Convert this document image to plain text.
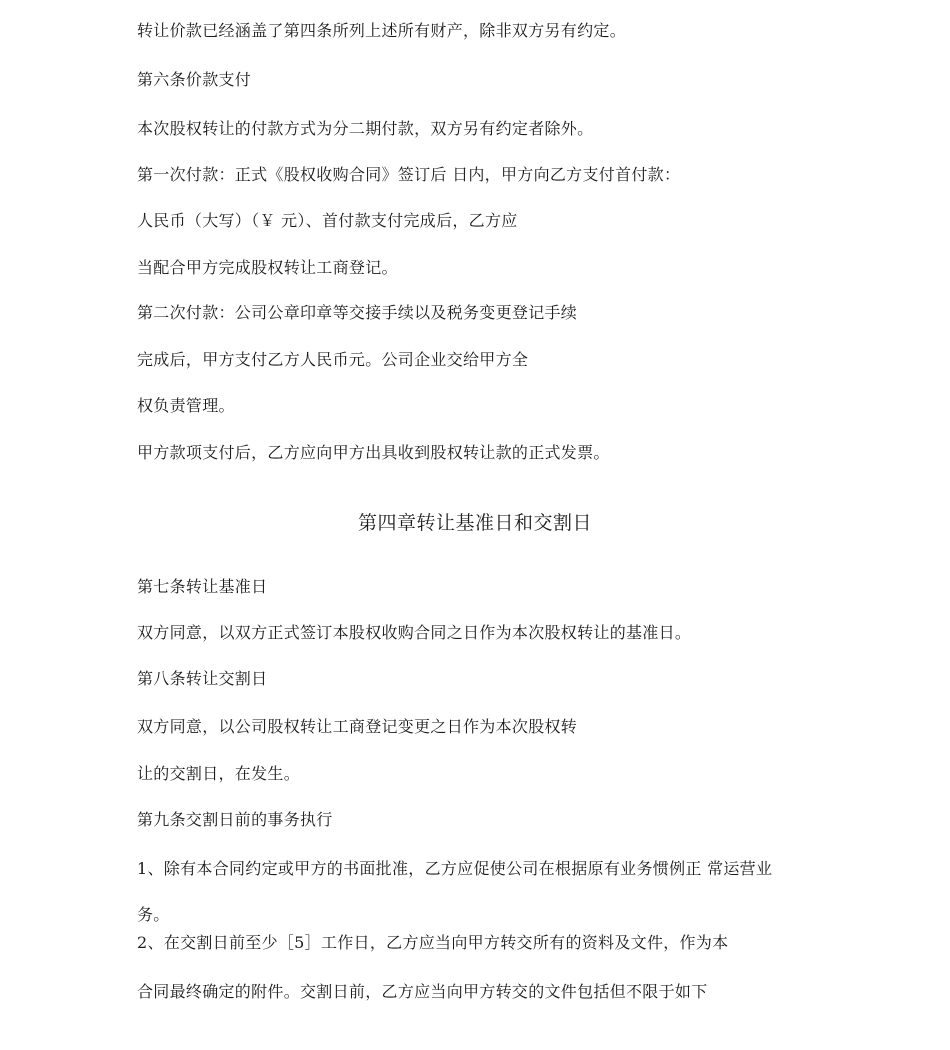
转让价款已经涵盖了第四条所列上述所有财产，除非双方另有约定。
第六条价款支付
本次股权转让的付款方式为分二期付款，双方另有约定者除外。
第一次付款：正式《股权收购合同》签订后 日内，甲方向乙方支付首付款：
人民币（大写）（￥ 元）、首付款支付完成后，乙方应
当配合甲方完成股权转让工商登记。
第二次付款：公司公章印章等交接手续以及税务变更登记手续
完成后，甲方支付乙方人民币元。公司企业交给甲方全
权负责管理。
甲方款项支付后，乙方应向甲方出具收到股权转让款的正式发票。
第四章转让基准日和交割日
第七条转让基准日
双方同意，以双方正式签订本股权收购合同之日作为本次股权转让的基准日。
第八条转让交割日
双方同意，以公司股权转让工商登记变更之日作为本次股权转
让的交割日，在发生。
第九条交割日前的事务执行
1、除有本合同约定或甲方的书面批准，乙方应促使公司在根据原有业务惯例正 常运营业
务。
2、在交割日前至少［5］工作日，乙方应当向甲方转交所有的资料及文件，作为本
合同最终确定的附件。交割日前，乙方应当向甲方转交的文件包括但不限于如下
